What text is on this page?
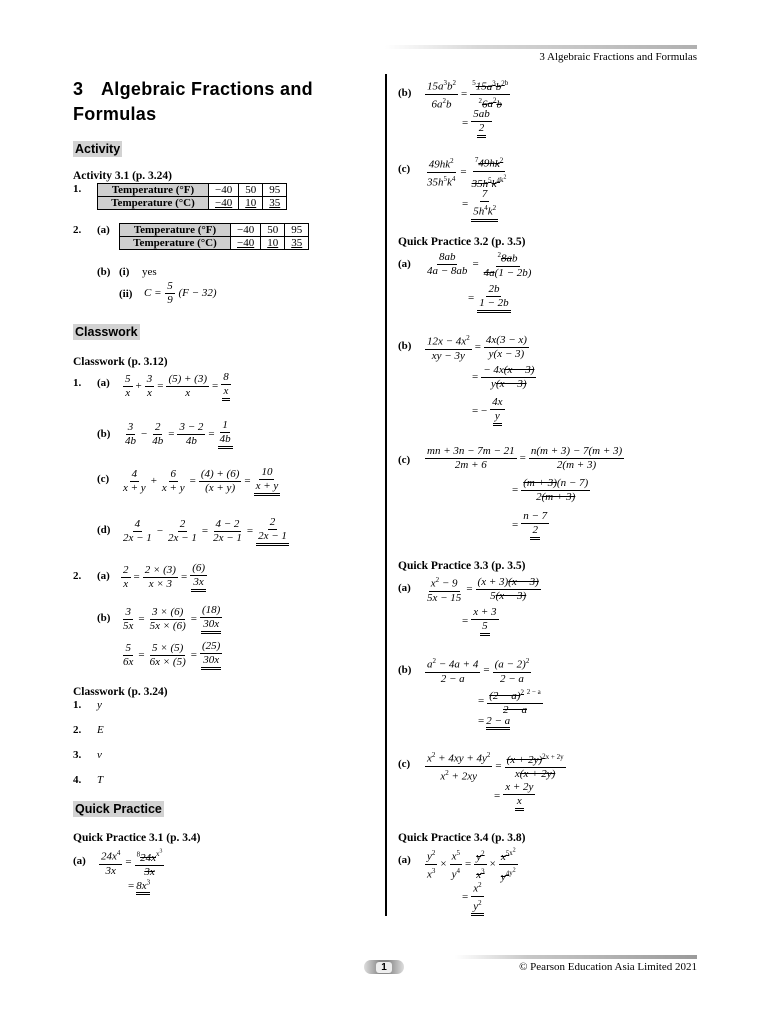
3 Algebraic Fractions and Formulas
3 Algebraic Fractions and
Formulas
Activity
Activity 3.1 (p. 3.24)
1.	Temperature (°F)	−40	50	95
Temperature (°C)	−40	10	35
2. (a) Temperature (°F)	−40	50	95
Temperature (°C)	−40	10	35
(b) (i) yes
(ii) $C = \frac{5}{9} (F - 32)$
Classwork
Classwork (p. 3.12)
1. $(a) \frac{5}{x} + \frac{3}{x} = \frac{(5) + (3)}{x} = \frac{8}{x}$
$(b) \frac{3}{4b} - \frac{2}{4b} = \frac{3 - 2}{4b} = \frac{1}{4b}$
$(c) \frac{4}{x + y} + \frac{6}{x + y} = \frac{(4) + (6)}{(x + y)} = \frac{10}{x + y}$
$(d) \frac{4}{2x - 1} - \frac{2}{2x - 1} = \frac{4 - 2}{2x - 1} = \frac{2}{2x - 1}$
2. $(a) \frac{2}{x} = \frac{2 \times (3)}{x \times 3} = \frac{(6)}{3x}$
$(b) \frac{3}{5x} = \frac{3 \times (6)}{5x \times (6)} = \frac{(18)}{30x}$
$\frac{5}{6x} = \frac{5 \times (5)}{6x \times (5)} = \frac{(25)}{30x}$
Classwork (p. 3.24)
1. y
2. E
3. v
4. T
Quick Practice
Quick Practice 3.1 (p. 3.4)
$(a) \frac{24x^4}{3x} = \frac{^824x^{x^3}}{3x}$
= $8x^3$
$(b) \frac{15a^3b^2}{6a^2b} = \frac{^515a^3b^{2b}}{^26a^2b}$
= $\frac{5ab}{2}$
$(c) \frac{49hk^2}{35h^5k^4} = \frac{^749hk^2}{35h^5k^{4k^2}}$
= $\frac{7}{5h^4k^2}$
Quick Practice 3.2 (p. 3.5)
$(a) \frac{8ab}{4a - 8ab} = \frac{^28ab}{4a(1 - 2b)}$
= $\frac{2b}{1 - 2b}$
$(b) \frac{12x - 4x^2}{xy - 3y} = \frac{4x(3 - x)}{y(x - 3)}$
= $\frac{- 4x(x - 3)}{y(x - 3)}$
= − $\frac{4x}{y}$
$(c) \frac{mn + 3n - 7m - 21}{2m + 6} = \frac{n(m + 3) - 7(m + 3)}{2(m + 3)}$
= $\frac{(m + 3)(n - 7)}{2(m + 3)}$
= $\frac{n - 7}{2}$
Quick Practice 3.3 (p. 3.5)
$(a) \frac{x^2 - 9}{5x - 15} = \frac{(x + 3)(x - 3)}{5(x - 3)}$
= $\frac{x + 3}{5}$
$(b) \frac{a^2 - 4a + 4}{2 - a} = \frac{(a - 2)^2}{2 - a}$
= $\frac{(2 - a)^2 ^{2 - a}}{2 - a}$
= 2 − a
$(c) \frac{x^2 + 4xy + 4y^2}{x^2 + 2xy} = \frac{(x + 2y)^{2x + 2y}}{x(x + 2y)}$
= $\frac{x + 2y}{x}$
Quick Practice 3.4 (p. 3.8)
$(a) \frac{y^2}{x^3} \times \frac{x^5}{y^4} = \frac{y^2}{x^3} \times \frac{x^{5x^2}}{y^{4y^2}}$
= $\frac{x^2}{y^2}$
1	© Pearson Education Asia Limited 2021
